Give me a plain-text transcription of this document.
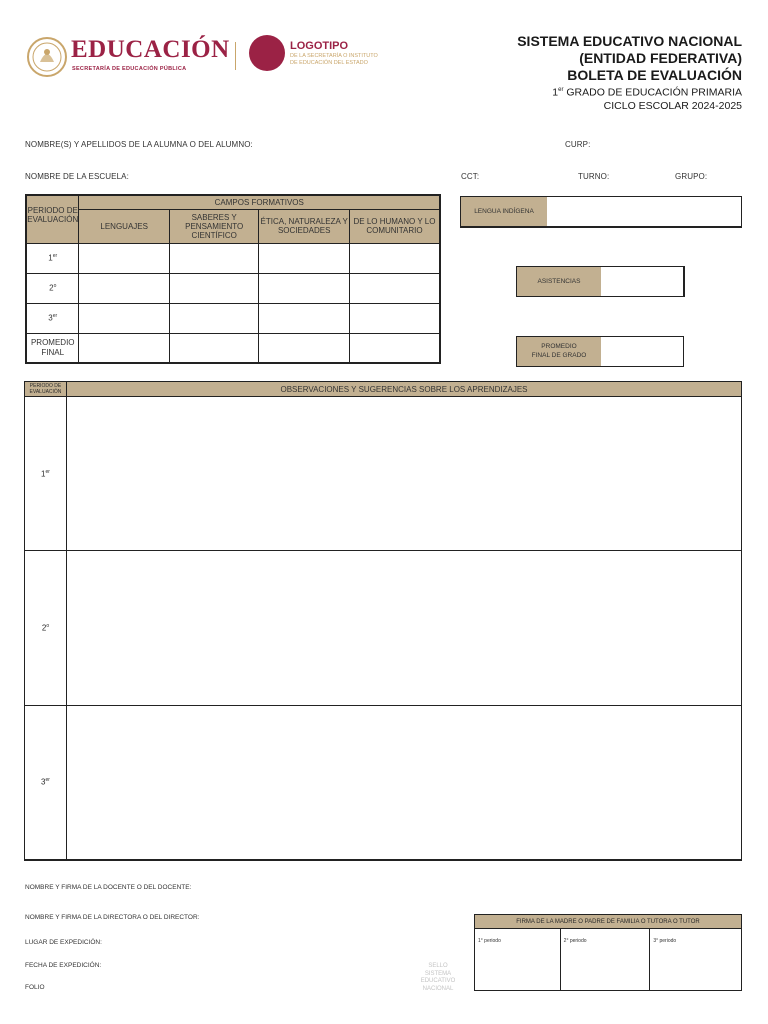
EDUCACIÓN
SECRETARÍA DE EDUCACIÓN PÚBLICA
LOGOTIPO
DE LA SECRETARÍA O INSTITUTO
DE EDUCACIÓN DEL ESTADO
SISTEMA EDUCATIVO NACIONAL
(ENTIDAD FEDERATIVA)
BOLETA DE EVALUACIÓN
1er GRADO DE EDUCACIÓN PRIMARIA
CICLO ESCOLAR 2024-2025
NOMBRE(S) Y APELLIDOS DE LA ALUMNA O DEL ALUMNO:	CURP:
NOMBRE DE LA ESCUELA:	CCT:	TURNO:	GRUPO:
PERIODO DE EVALUACIÓN	CAMPOS FORMATIVOS			
	LENGUAJES	SABERES Y PENSAMIENTO CIENTÍFICO	ÉTICA, NATURALEZA Y SOCIEDADES	DE LO HUMANO Y LO COMUNITARIO
1er				
2$^o$				
3er				
PROMEDIO FINAL				
LENGUA INDÍGENA
ASISTENCIAS
PROMEDIO
FINAL DE GRADO
PERIODO DE
EVALUACIÓN	OBSERVACIONES Y SUGERENCIAS SOBRE LOS APRENDIZAJES
1er	
2$^o$	
3er	
NOMBRE Y FIRMA DE LA DOCENTE O DEL DOCENTE:
NOMBRE Y FIRMA DE LA DIRECTORA O DEL DIRECTOR:
LUGAR DE EXPEDICIÓN:
FECHA DE EXPEDICIÓN:
FOLIO
SELLO
SISTEMA
EDUCATIVO
NACIONAL
FIRMA DE LA MADRE O PADRE DE FAMILIA O TUTORA O TUTOR
1° periodo	2° periodo	3° periodo
